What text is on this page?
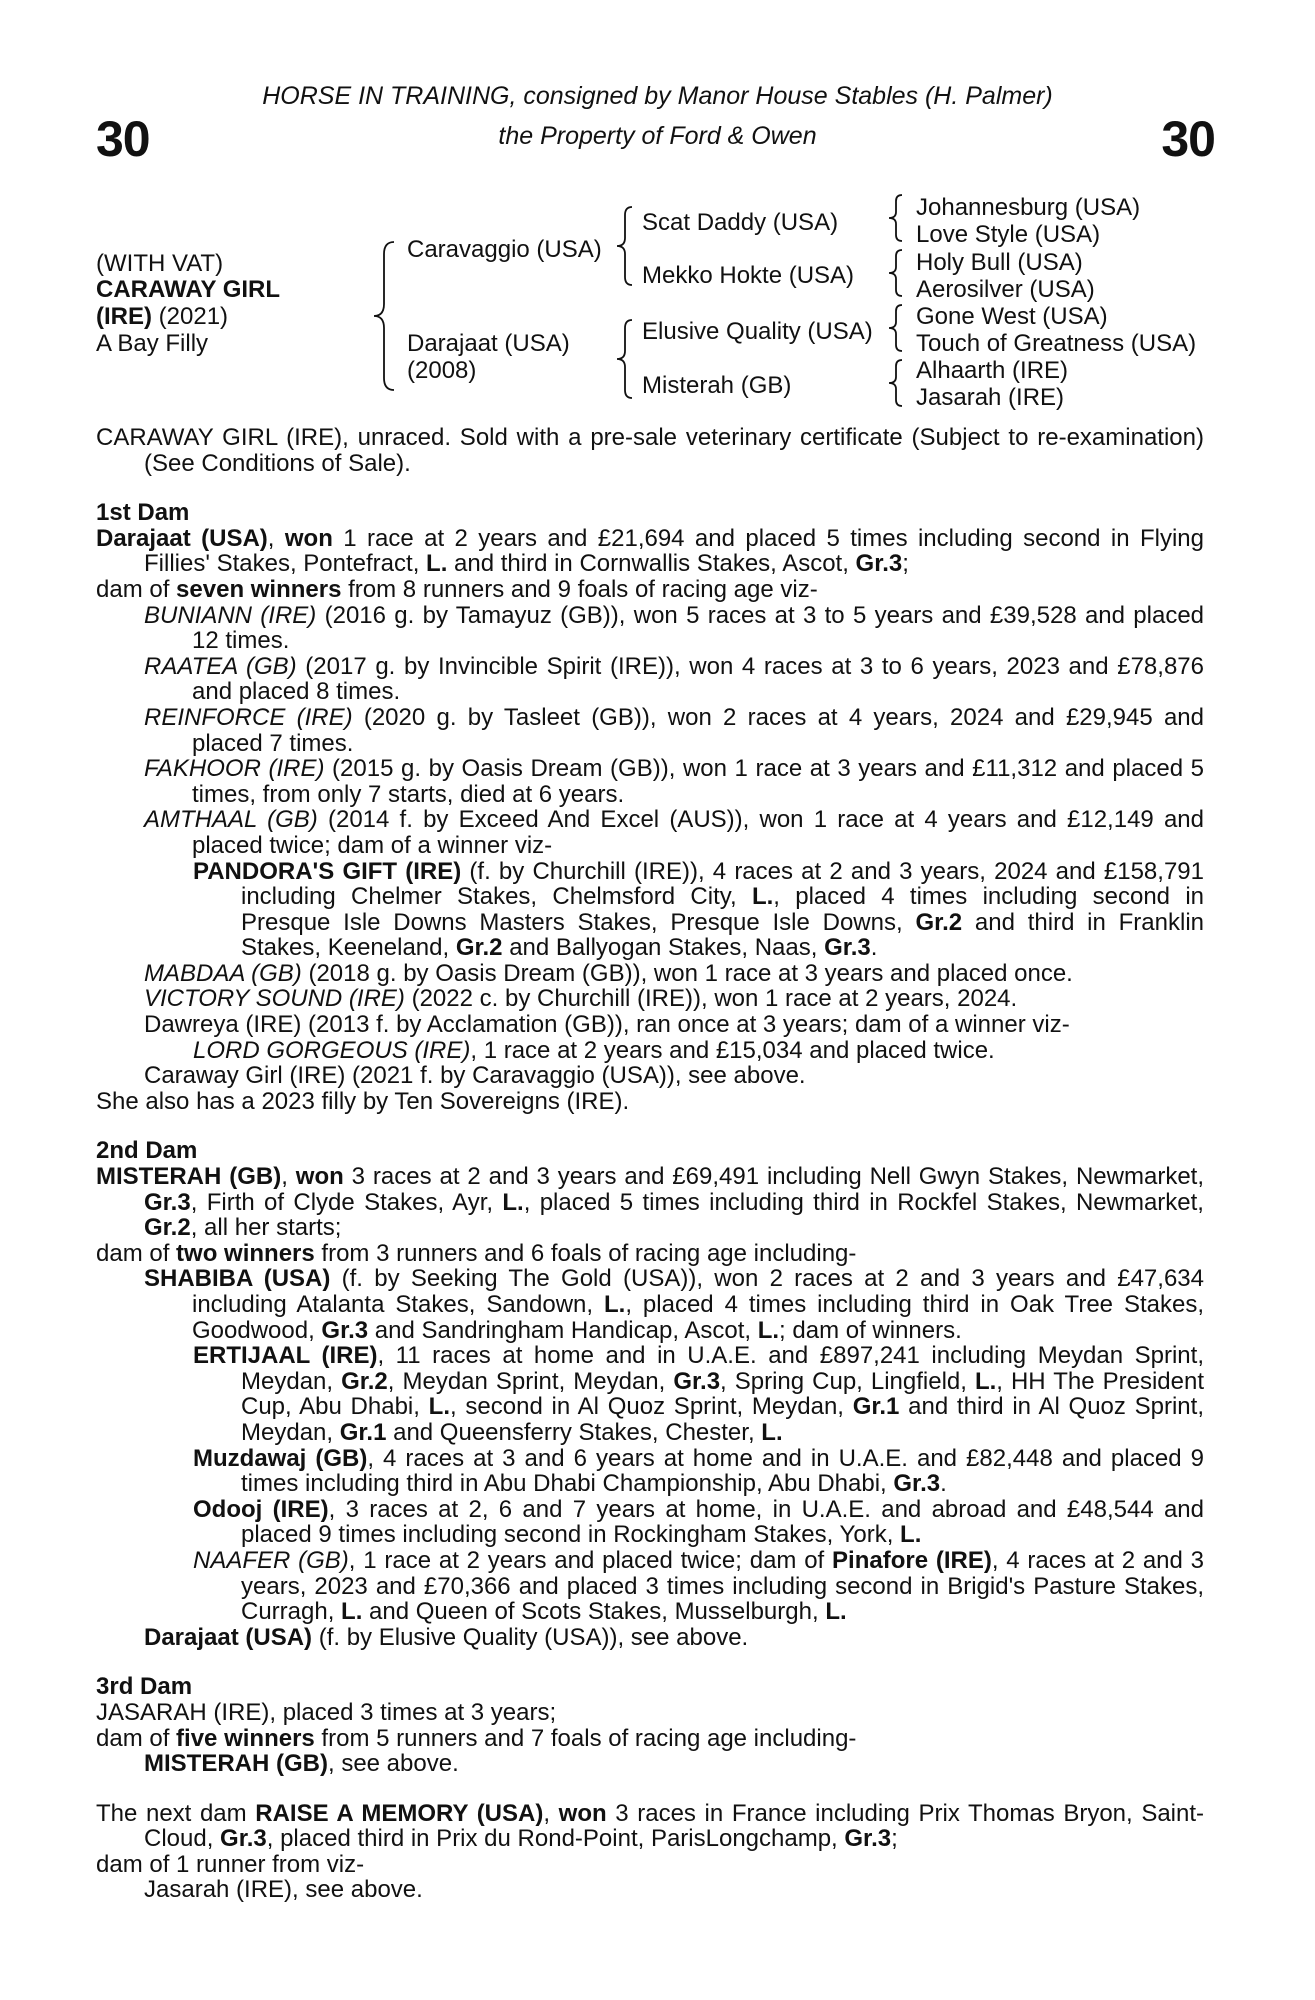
30	30
HORSE IN TRAINING, consigned by Manor House Stables (H. Palmer)
the Property of Ford & Owen
(WITH VAT)
CARAWAY GIRL
(IRE) (2021)
A Bay Filly
Caravaggio (USA)
Darajaat (USA)
(2008)
Scat Daddy (USA)
Mekko Hokte (USA)
Elusive Quality (USA)
Misterah (GB)
Johannesburg (USA)
Love Style (USA)
Holy Bull (USA)
Aerosilver (USA)
Gone West (USA)
Touch of Greatness (USA)
Alhaarth (IRE)
Jasarah (IRE)

CARAWAY GIRL (IRE), unraced. Sold with a pre-sale veterinary certificate (Subject to re-examination) (See Conditions of Sale).

1st Dam

Darajaat (USA), won 1 race at 2 years and £21,694 and placed 5 times including second in Flying Fillies' Stakes, Pontefract, L. and third in Cornwallis Stakes, Ascot, Gr.3;

dam of seven winners from 8 runners and 9 foals of racing age viz-

BUNIANN (IRE) (2016 g. by Tamayuz (GB)), won 5 races at 3 to 5 years and £39,528 and placed 12 times.

RAATEA (GB) (2017 g. by Invincible Spirit (IRE)), won 4 races at 3 to 6 years, 2023 and £78,876 and placed 8 times.

REINFORCE (IRE) (2020 g. by Tasleet (GB)), won 2 races at 4 years, 2024 and £29,945 and placed 7 times.

FAKHOOR (IRE) (2015 g. by Oasis Dream (GB)), won 1 race at 3 years and £11,312 and placed 5 times, from only 7 starts, died at 6 years.

AMTHAAL (GB) (2014 f. by Exceed And Excel (AUS)), won 1 race at 4 years and £12,149 and placed twice; dam of a winner viz-

PANDORA'S GIFT (IRE) (f. by Churchill (IRE)), 4 races at 2 and 3 years, 2024 and £158,791 including Chelmer Stakes, Chelmsford City, L., placed 4 times including second in Presque Isle Downs Masters Stakes, Presque Isle Downs, Gr.2 and third in Franklin Stakes, Keeneland, Gr.2 and Ballyogan Stakes, Naas, Gr.3.

MABDAA (GB) (2018 g. by Oasis Dream (GB)), won 1 race at 3 years and placed once.

VICTORY SOUND (IRE) (2022 c. by Churchill (IRE)), won 1 race at 2 years, 2024.

Dawreya (IRE) (2013 f. by Acclamation (GB)), ran once at 3 years; dam of a winner viz-

LORD GORGEOUS (IRE), 1 race at 2 years and £15,034 and placed twice.

Caraway Girl (IRE) (2021 f. by Caravaggio (USA)), see above.

She also has a 2023 filly by Ten Sovereigns (IRE).

2nd Dam

MISTERAH (GB), won 3 races at 2 and 3 years and £69,491 including Nell Gwyn Stakes, Newmarket, Gr.3, Firth of Clyde Stakes, Ayr, L., placed 5 times including third in Rockfel Stakes, Newmarket, Gr.2, all her starts;

dam of two winners from 3 runners and 6 foals of racing age including-

SHABIBA (USA) (f. by Seeking The Gold (USA)), won 2 races at 2 and 3 years and £47,634 including Atalanta Stakes, Sandown, L., placed 4 times including third in Oak Tree Stakes, Goodwood, Gr.3 and Sandringham Handicap, Ascot, L.; dam of winners.

ERTIJAAL (IRE), 11 races at home and in U.A.E. and £897,241 including Meydan Sprint, Meydan, Gr.2, Meydan Sprint, Meydan, Gr.3, Spring Cup, Lingfield, L., HH The President Cup, Abu Dhabi, L., second in Al Quoz Sprint, Meydan, Gr.1 and third in Al Quoz Sprint, Meydan, Gr.1 and Queensferry Stakes, Chester, L.

Muzdawaj (GB), 4 races at 3 and 6 years at home and in U.A.E. and £82,448 and placed 9 times including third in Abu Dhabi Championship, Abu Dhabi, Gr.3.

Odooj (IRE), 3 races at 2, 6 and 7 years at home, in U.A.E. and abroad and £48,544 and placed 9 times including second in Rockingham Stakes, York, L.

NAAFER (GB), 1 race at 2 years and placed twice; dam of Pinafore (IRE), 4 races at 2 and 3 years, 2023 and £70,366 and placed 3 times including second in Brigid's Pasture Stakes, Curragh, L. and Queen of Scots Stakes, Musselburgh, L.

Darajaat (USA) (f. by Elusive Quality (USA)), see above.

3rd Dam

JASARAH (IRE), placed 3 times at 3 years;

dam of five winners from 5 runners and 7 foals of racing age including-

MISTERAH (GB), see above.

The next dam RAISE A MEMORY (USA), won 3 races in France including Prix Thomas Bryon, Saint-Cloud, Gr.3, placed third in Prix du Rond-Point, ParisLongchamp, Gr.3;

dam of 1 runner from viz-

Jasarah (IRE), see above.
